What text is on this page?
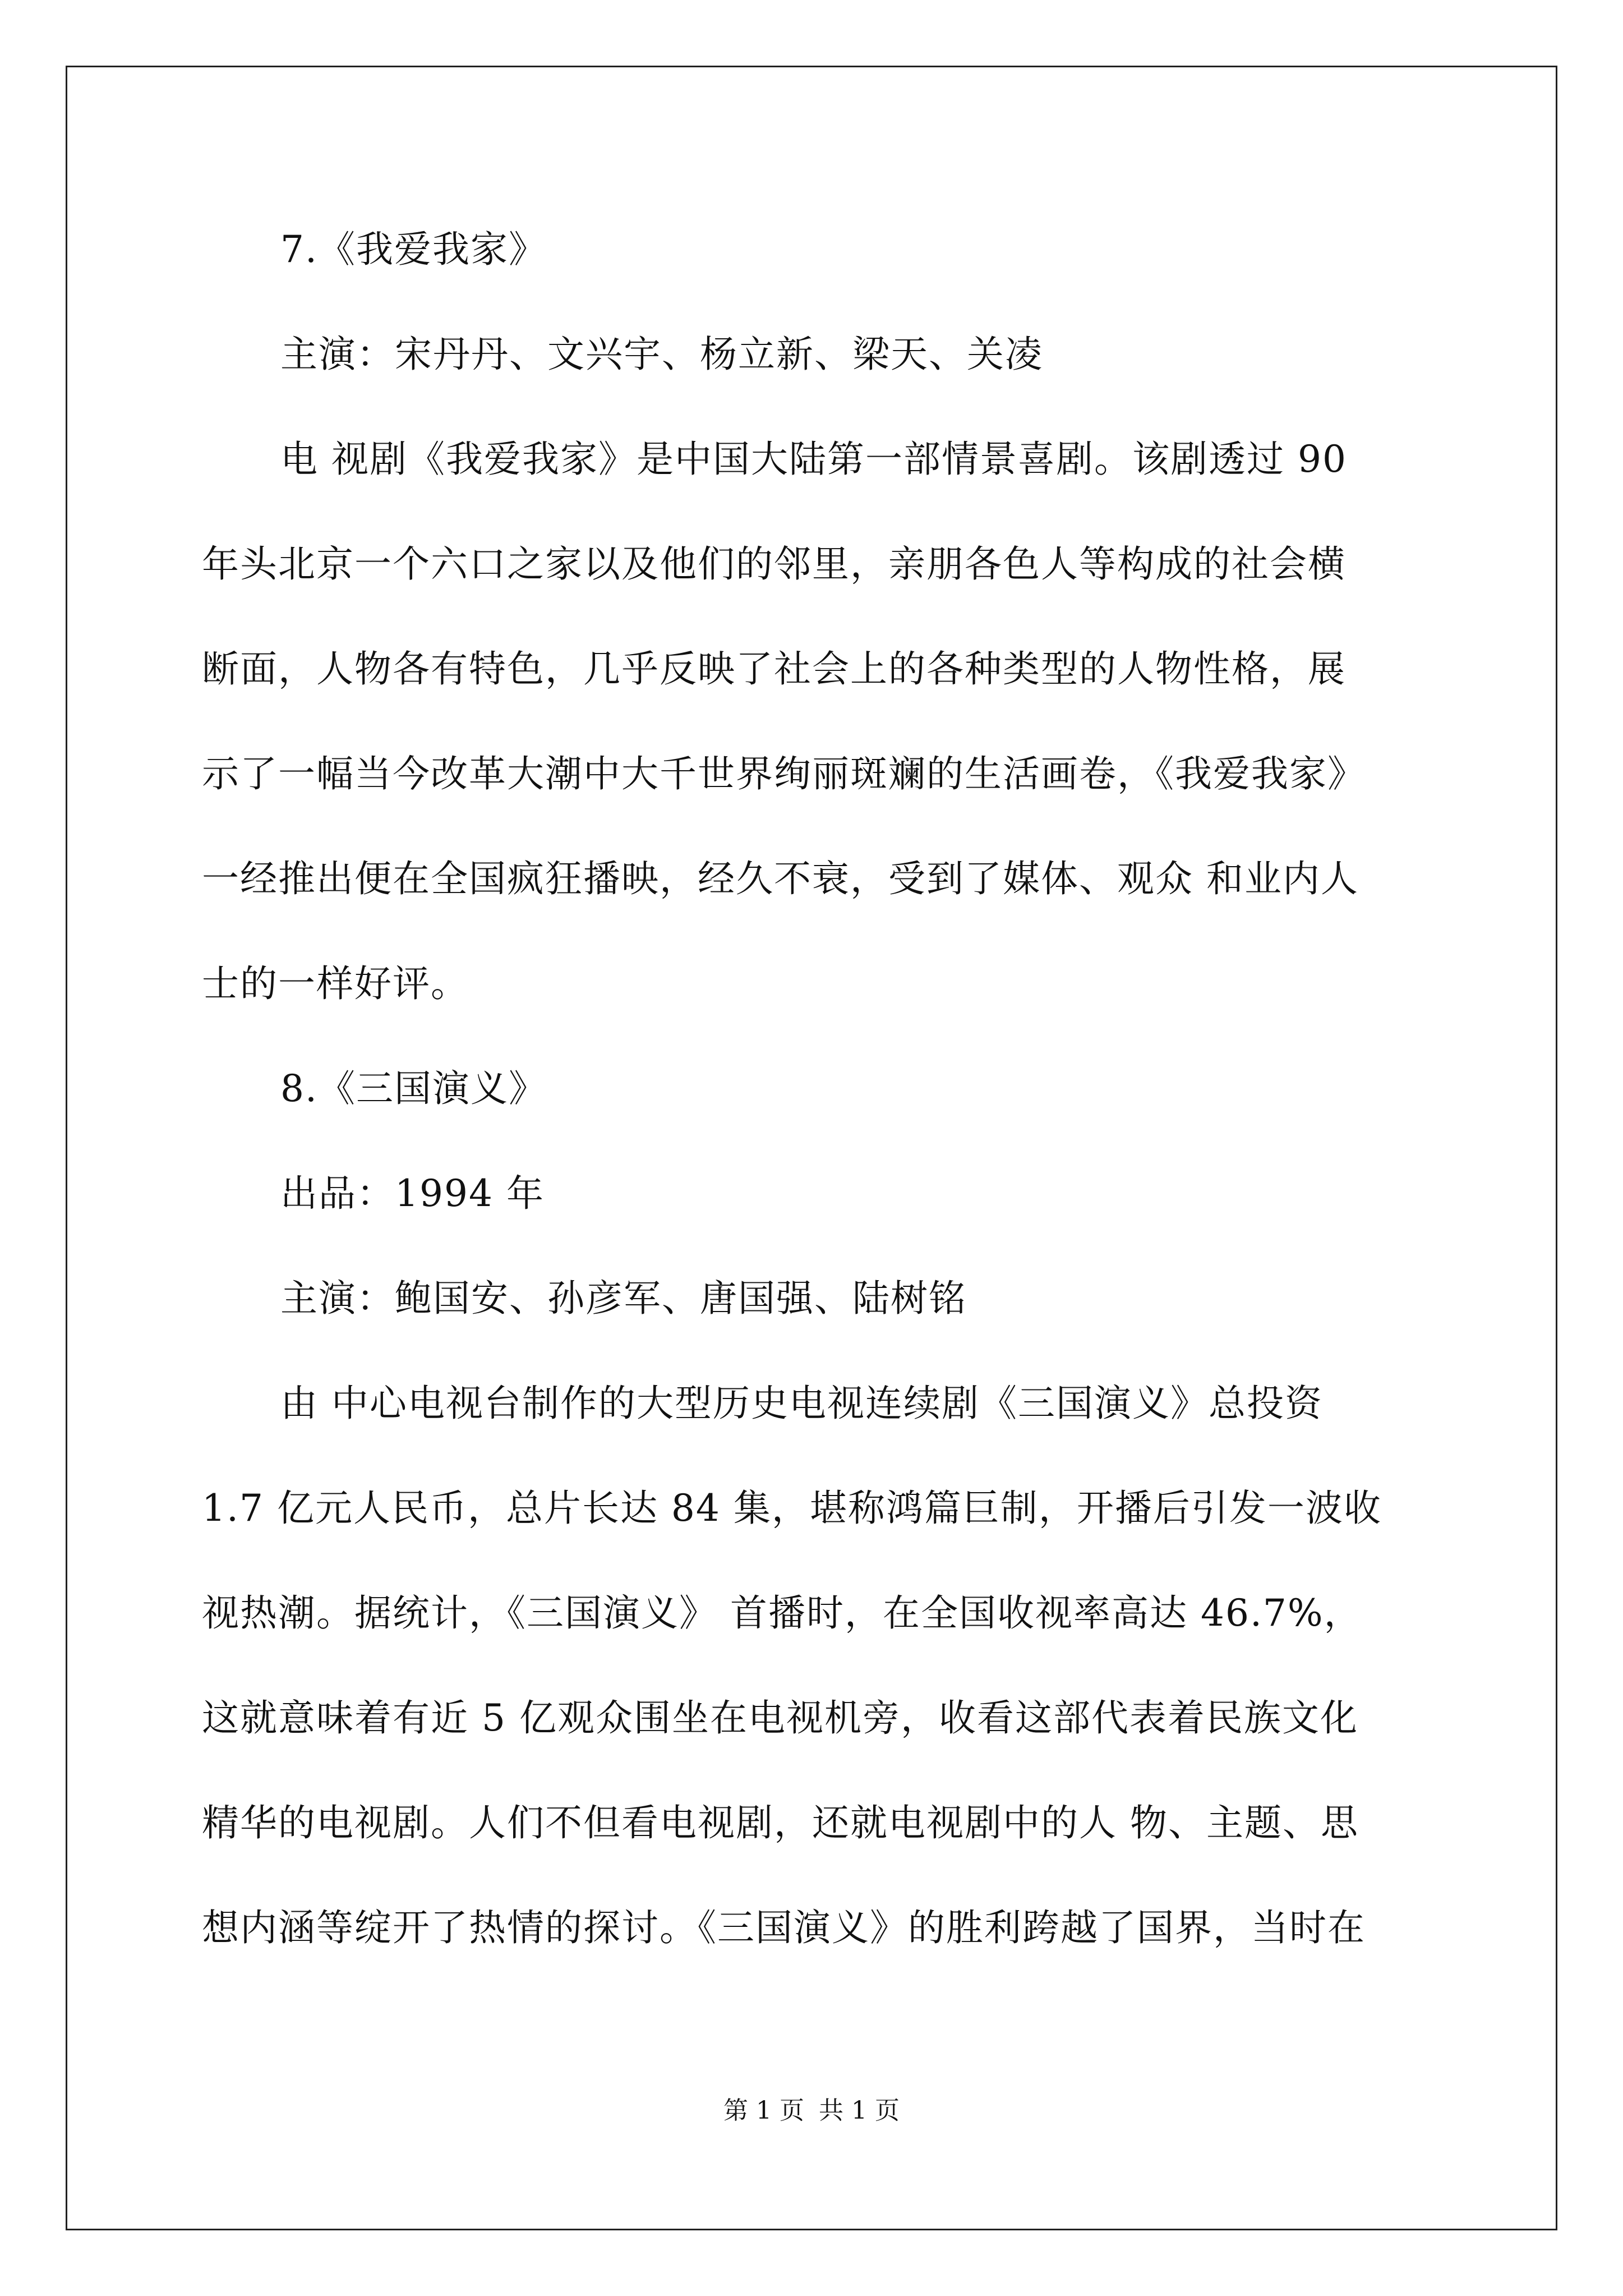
7.《我爱我家》
主演：宋丹丹、文兴宇、杨立新、梁天、关凌
电 视剧《我爱我家》是中国大陆第一部情景喜剧。该剧透过 90
年头北京一个六口之家以及他们的邻里，亲朋各色人等构成的社会横
断面，人物各有特色，几乎反映了社会上的各种类型的人物性格，展
示了一幅当今改革大潮中大千世界绚丽斑斓的生活画卷，《我爱我家》
一经推出便在全国疯狂播映，经久不衰，受到了媒体、观众 和业内人
士的一样好评。
8.《三国演义》
出品：1994 年
主演：鲍国安、孙彦军、唐国强、陆树铭
由 中心电视台制作的大型历史电视连续剧《三国演义》总投资
1.7 亿元人民币，总片长达 84 集，堪称鸿篇巨制，开播后引发一波收
视热潮。据统计，《三国演义》 首播时，在全国收视率高达 46.7%，
这就意味着有近 5 亿观众围坐在电视机旁，收看这部代表着民族文化
精华的电视剧。人们不但看电视剧，还就电视剧中的人 物、主题、思
想内涵等绽开了热情的探讨。《三国演义》的胜利跨越了国界，当时在
第 1 页 共 1 页
